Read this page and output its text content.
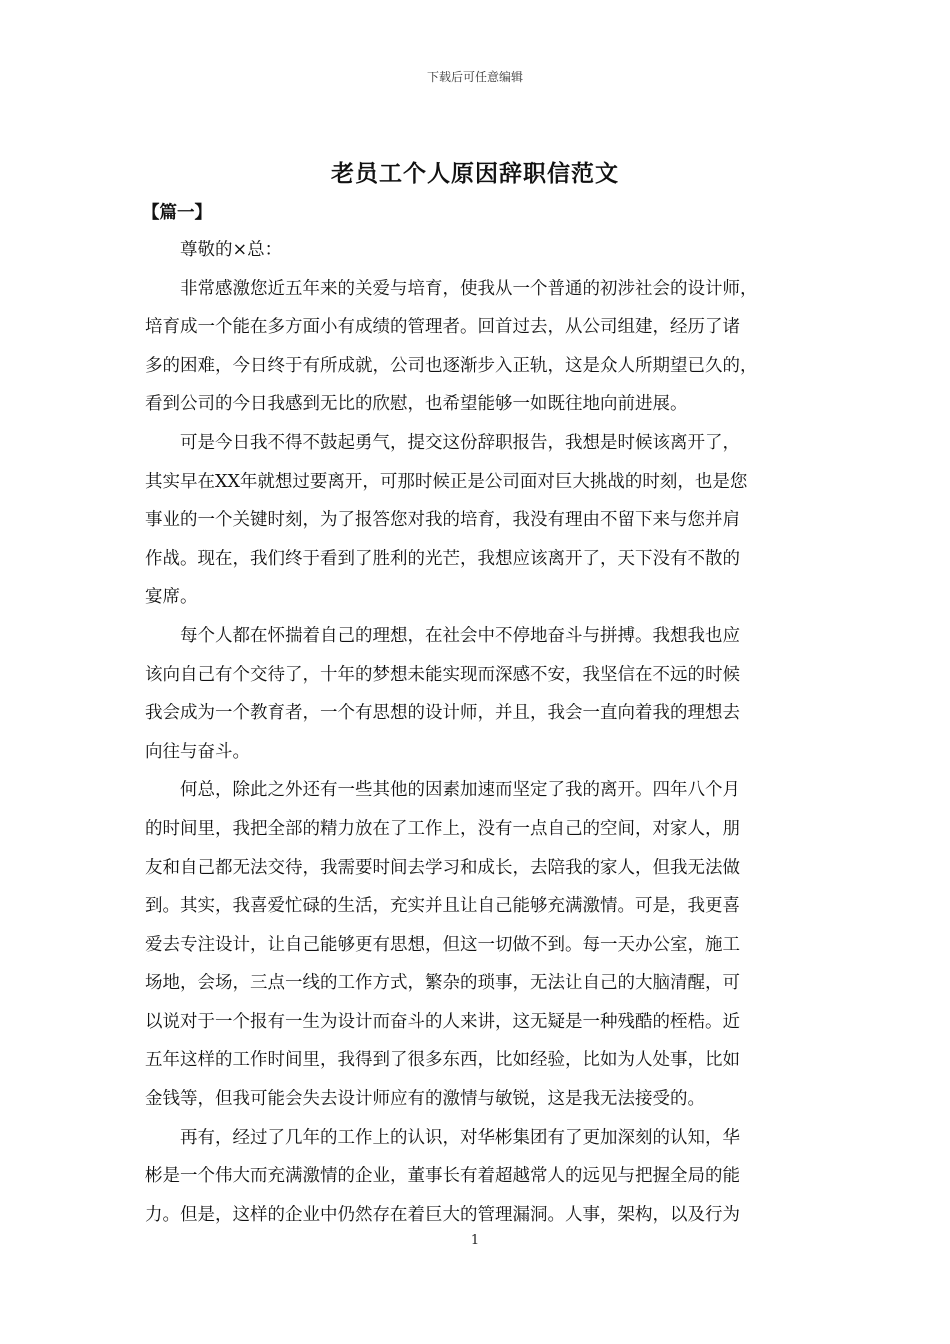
下载后可任意编辑
老员工个人原因辞职信范文
【篇一】

尊敬的×总：

非常感激您近五年来的关爱与培育，使我从一个普通的初涉社会的设计师，
培育成一个能在多方面小有成绩的管理者。回首过去，从公司组建，经历了诸
多的困难，今日终于有所成就，公司也逐渐步入正轨，这是众人所期望已久的，
看到公司的今日我感到无比的欣慰，也希望能够一如既往地向前进展。

可是今日我不得不鼓起勇气，提交这份辞职报告，我想是时候该离开了，
其实早在XX年就想过要离开，可那时候正是公司面对巨大挑战的时刻，也是您
事业的一个关键时刻，为了报答您对我的培育，我没有理由不留下来与您并肩
作战。现在，我们终于看到了胜利的光芒，我想应该离开了，天下没有不散的
宴席。

每个人都在怀揣着自己的理想，在社会中不停地奋斗与拼搏。我想我也应
该向自己有个交待了，十年的梦想未能实现而深感不安，我坚信在不远的时候
我会成为一个教育者，一个有思想的设计师，并且，我会一直向着我的理想去
向往与奋斗。

何总，除此之外还有一些其他的因素加速而坚定了我的离开。四年八个月
的时间里，我把全部的精力放在了工作上，没有一点自己的空间，对家人，朋
友和自己都无法交待，我需要时间去学习和成长，去陪我的家人，但我无法做
到。其实，我喜爱忙碌的生活，充实并且让自己能够充满激情。可是，我更喜
爱去专注设计，让自己能够更有思想，但这一切做不到。每一天办公室，施工
场地，会场，三点一线的工作方式，繁杂的琐事，无法让自己的大脑清醒，可
以说对于一个报有一生为设计而奋斗的人来讲，这无疑是一种残酷的桎梏。近
五年这样的工作时间里，我得到了很多东西，比如经验，比如为人处事，比如
金钱等，但我可能会失去设计师应有的激情与敏锐，这是我无法接受的。

再有，经过了几年的工作上的认识，对华彬集团有了更加深刻的认知，华
彬是一个伟大而充满激情的企业，董事长有着超越常人的远见与把握全局的能
力。但是，这样的企业中仍然存在着巨大的管理漏洞。人事，架构，以及行为

1
